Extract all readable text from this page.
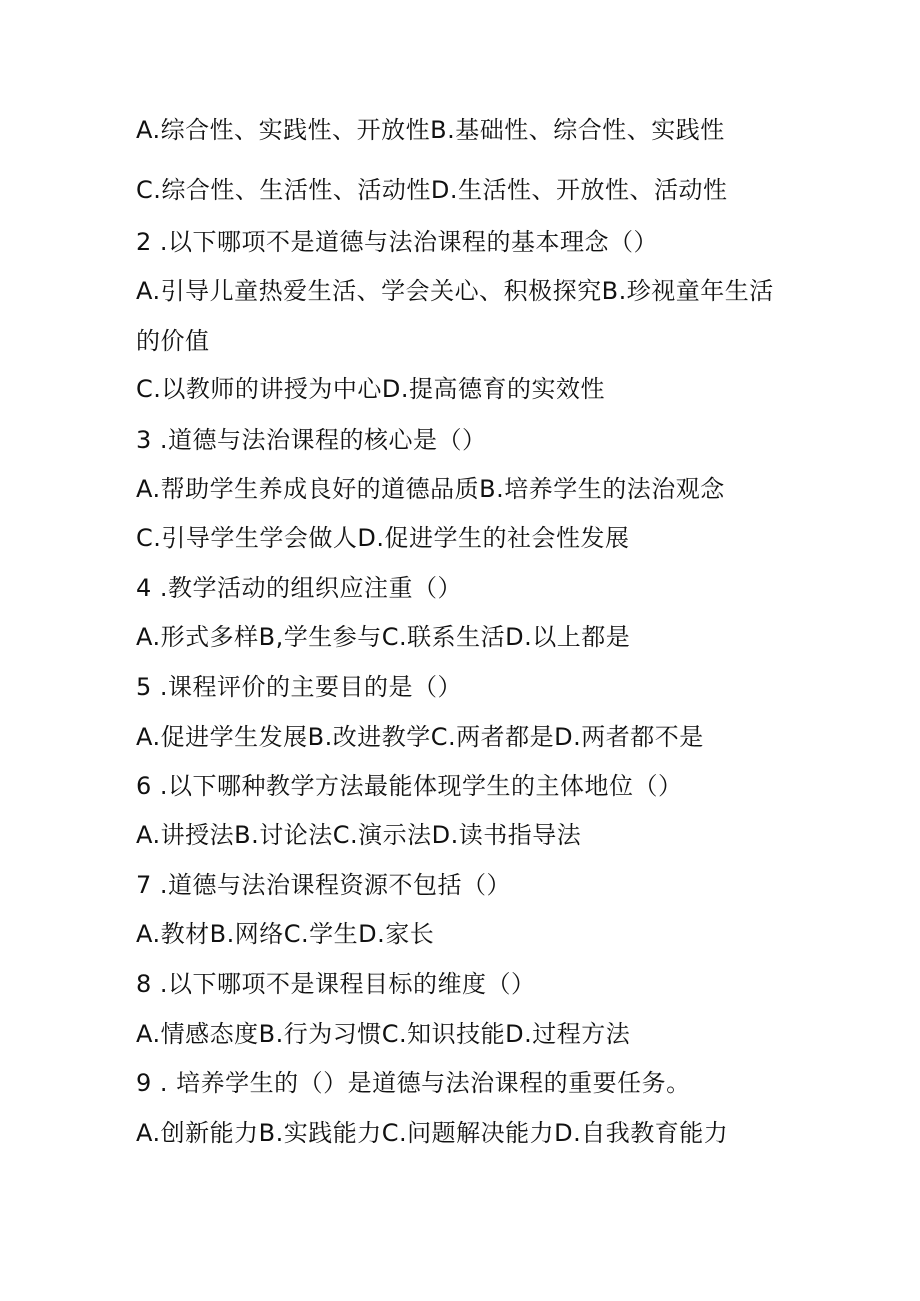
A.综合性、实践性、开放性B.基础性、综合性、实践性
C.综合性、生活性、活动性D.生活性、开放性、活动性
2 .以下哪项不是道德与法治课程的基本理念（）
A.引导儿童热爱生活、学会关心、积极探究B.珍视童年生活的价值
C.以教师的讲授为中心D.提高德育的实效性
3 .道德与法治课程的核心是（）
A.帮助学生养成良好的道德品质B.培养学生的法治观念
C.引导学生学会做人D.促进学生的社会性发展
4 .教学活动的组织应注重（）
A.形式多样B,学生参与C.联系生活D.以上都是
5 .课程评价的主要目的是（）
A.促进学生发展B.改进教学C.两者都是D.两者都不是
6 .以下哪种教学方法最能体现学生的主体地位（）
A.讲授法B.讨论法C.演示法D.读书指导法
7 .道德与法治课程资源不包括（）
A.教材B.网络C.学生D.家长
8 .以下哪项不是课程目标的维度（）
A.情感态度B.行为习惯C.知识技能D.过程方法
9 . 培养学生的（）是道德与法治课程的重要任务。
A.创新能力B.实践能力C.问题解决能力D.自我教育能力
